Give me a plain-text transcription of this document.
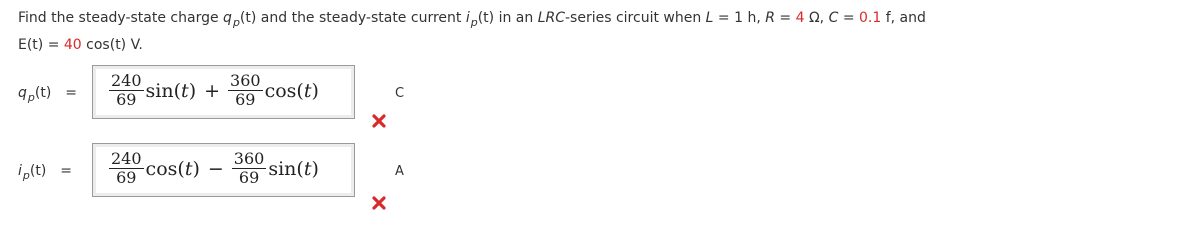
Find the steady-state charge $q_p(t)$ and the steady-state current $i_p(t)$ in an LRC-series circuit when L = 1 h, R = 4 Ω, C = 0.1 f, and
E(t) = 40 cos(t) V.
$q_p(t) = \frac{240}{69} \sin(t) + \frac{360}{69} \cos(t)$	C
$i_p(t) = \frac{240}{69} \cos(t) - \frac{360}{69} \sin(t)$	A
